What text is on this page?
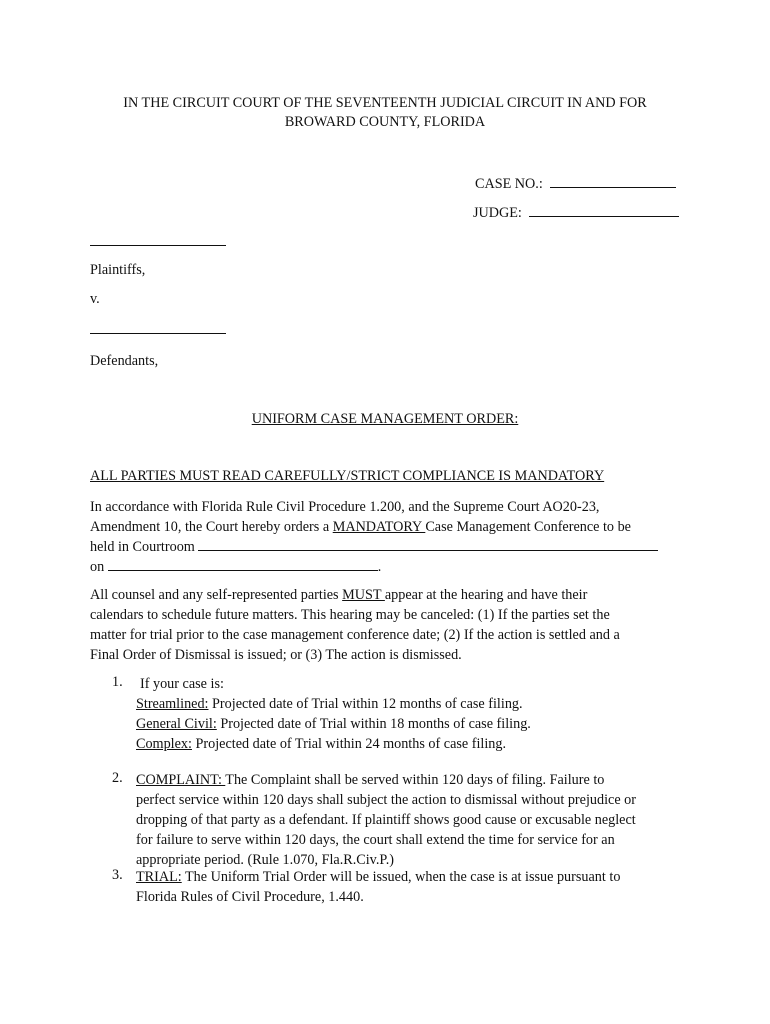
IN THE CIRCUIT COURT OF THE SEVENTEENTH JUDICIAL CIRCUIT IN AND FOR
BROWARD COUNTY, FLORIDA
CASE NO.:
JUDGE:
Plaintiffs,
v.
Defendants,
UNIFORM CASE MANAGEMENT ORDER:
ALL PARTIES MUST READ CAREFULLY/STRICT COMPLIANCE IS MANDATORY
In accordance with Florida Rule Civil Procedure 1.200, and the Supreme Court AO20-23,
Amendment 10, the Court hereby orders a MANDATORY Case Management Conference to be
held in Courtroom
on	.
All counsel and any self-represented parties MUST appear at the hearing and have their
calendars to schedule future matters. This hearing may be canceled: (1) If the parties set the
matter for trial prior to the case management conference date; (2) If the action is settled and a
Final Order of Dismissal is issued; or (3) The action is dismissed.
1. If your case is:
Streamlined: Projected date of Trial within 12 months of case filing.
General Civil: Projected date of Trial within 18 months of case filing.
Complex: Projected date of Trial within 24 months of case filing.
2. COMPLAINT: The Complaint shall be served within 120 days of filing. Failure to
perfect service within 120 days shall subject the action to dismissal without prejudice or
dropping of that party as a defendant. If plaintiff shows good cause or excusable neglect
for failure to serve within 120 days, the court shall extend the time for service for an
appropriate period. (Rule 1.070, Fla.R.Civ.P.)
3. TRIAL: The Uniform Trial Order will be issued, when the case is at issue pursuant to
Florida Rules of Civil Procedure, 1.440.
